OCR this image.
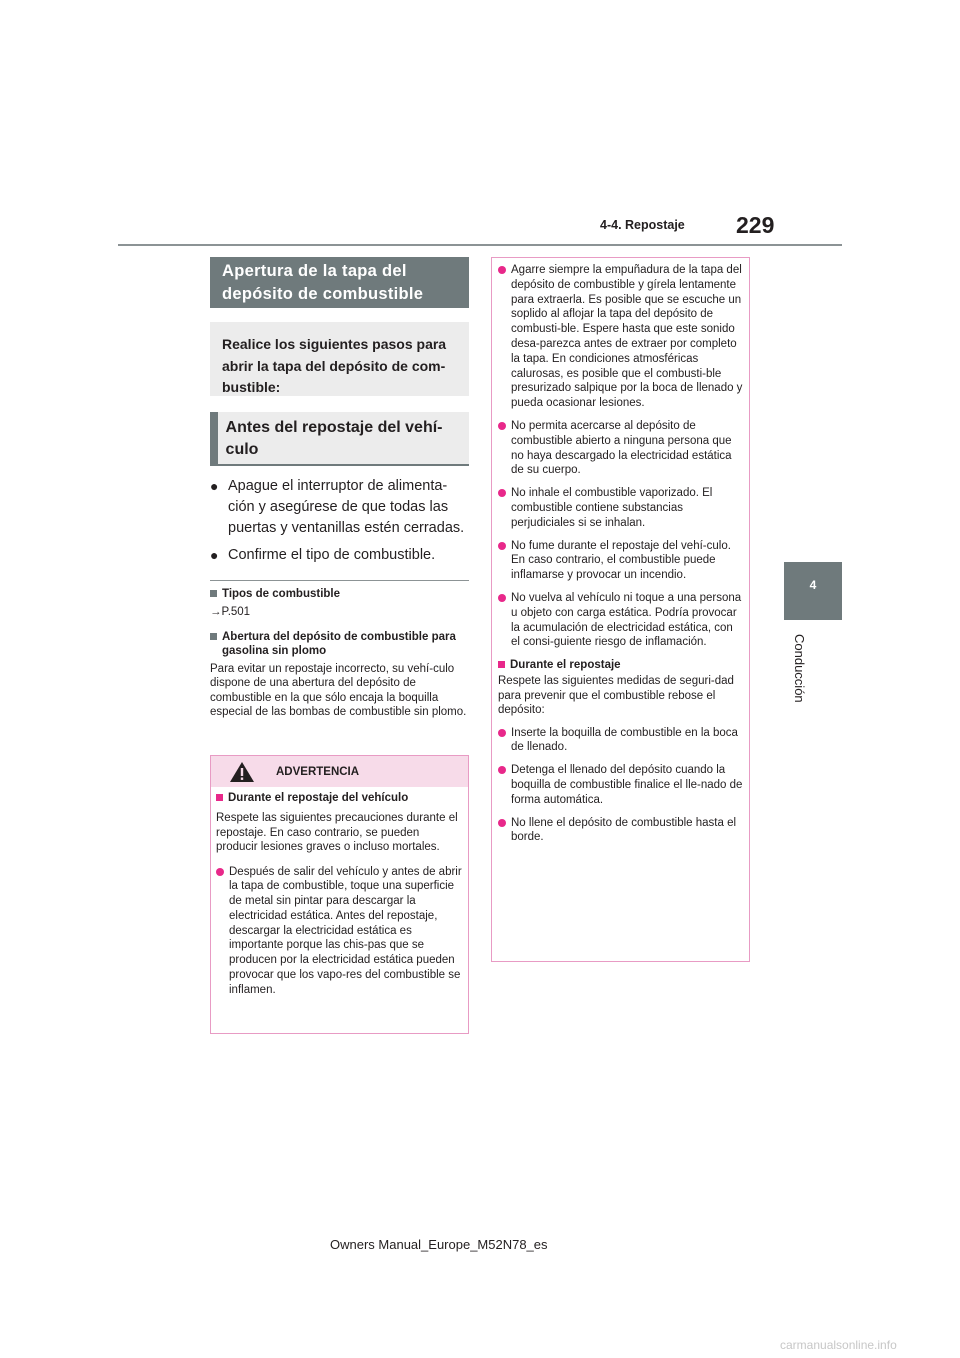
4-4. Repostaje 229
4
Conducción
Apertura de la tapa del depósito de combustible
Realice los siguientes pasos para abrir la tapa del depósito de com-bustible:
Antes del repostaje del vehí-culo
● Apague el interruptor de alimenta-ción y asegúrese de que todas las puertas y ventanillas estén cerradas.
● Confirme el tipo de combustible.
Tipos de combustible
→P.501
Abertura del depósito de combustible para gasolina sin plomo
Para evitar un repostaje incorrecto, su vehí-culo dispone de una abertura del depósito de combustible en la que sólo encaja la boquilla especial de las bombas de combustible sin plomo.
ADVERTENCIA
Durante el repostaje del vehículo
Respete las siguientes precauciones durante el repostaje. En caso contrario, se pueden producir lesiones graves o incluso mortales.
Después de salir del vehículo y antes de abrir la tapa de combustible, toque una superficie de metal sin pintar para descargar la electricidad estática. Antes del repostaje, descargar la electricidad estática es importante porque las chis-pas que se producen por la electricidad estática pueden provocar que los vapo-res del combustible se inflamen.
Agarre siempre la empuñadura de la tapa del depósito de combustible y gírela lentamente para extraerla. Es posible que se escuche un soplido al aflojar la tapa del depósito de combusti-ble. Espere hasta que este sonido desa-parezca antes de extraer por completo la tapa. En condiciones atmosféricas calurosas, es posible que el combusti-ble presurizado salpique por la boca de llenado y pueda ocasionar lesiones.
No permita acercarse al depósito de combustible abierto a ninguna persona que no haya descargado la electricidad estática de su cuerpo.
No inhale el combustible vaporizado. El combustible contiene substancias perjudiciales si se inhalan.
No fume durante el repostaje del vehí-culo. En caso contrario, el combustible puede inflamarse y provocar un incendio.
No vuelva al vehículo ni toque a una persona u objeto con carga estática. Podría provocar la acumulación de electricidad estática, con el consi-guiente riesgo de inflamación.
Durante el repostaje
Respete las siguientes medidas de seguri-dad para prevenir que el combustible rebose el depósito:
Inserte la boquilla de combustible en la boca de llenado.
Detenga el llenado del depósito cuando la boquilla de combustible finalice el lle-nado de forma automática.
No llene el depósito de combustible hasta el borde.
Owners Manual_Europe_M52N78_es
carmanualsonline.info
